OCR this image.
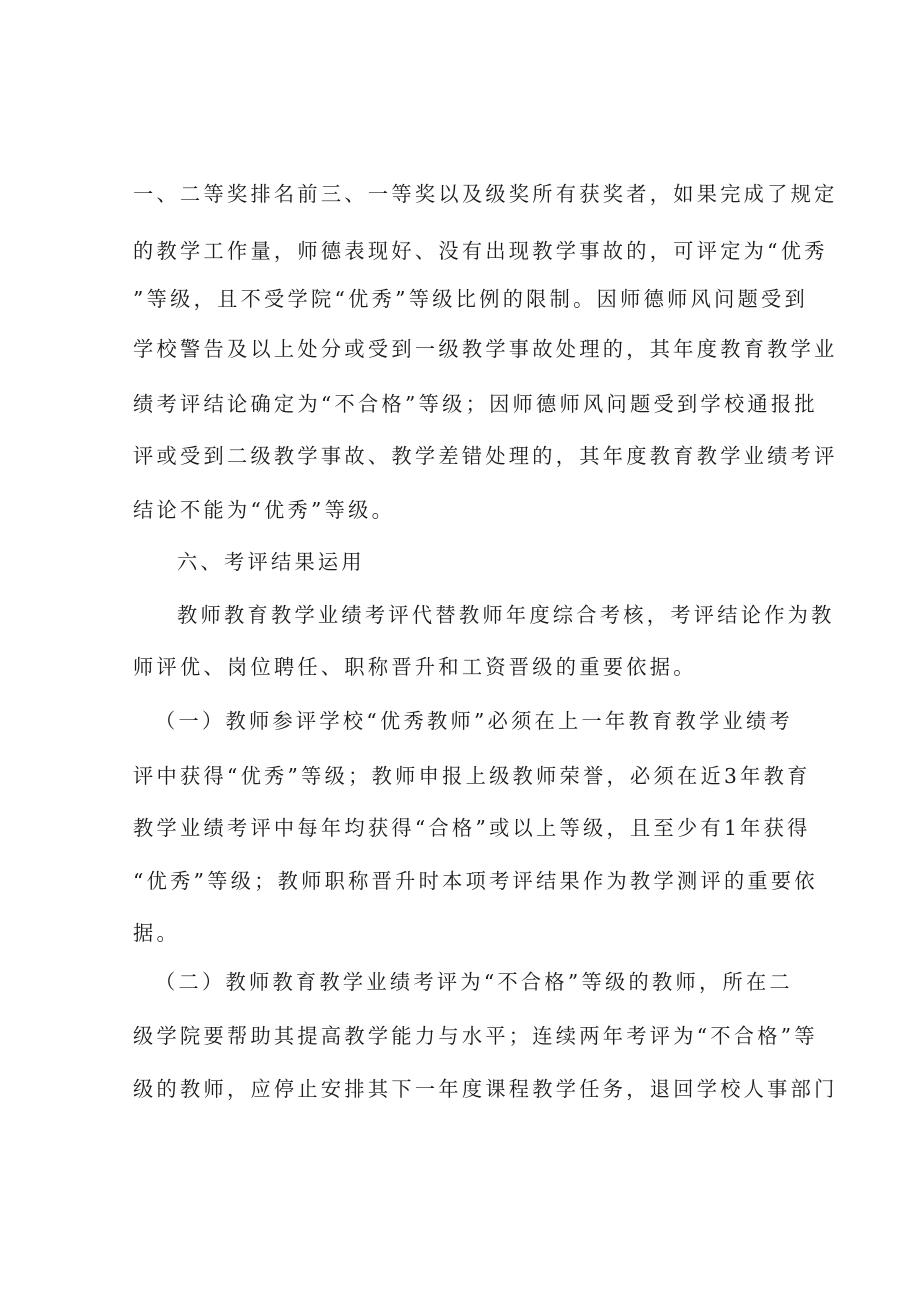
一、二等奖排名前三、一等奖以及级奖所有获奖者，如果完成了规定
的教学工作量，师德表现好、没有出现教学事故的，可评定为“优秀
”等级，且不受学院“优秀”等级比例的限制。因师德师风问题受到
学校警告及以上处分或受到一级教学事故处理的，其年度教育教学业
绩考评结论确定为“不合格”等级；因师德师风问题受到学校通报批
评或受到二级教学事故、教学差错处理的，其年度教育教学业绩考评
结论不能为“优秀”等级。
六、考评结果运用
教师教育教学业绩考评代替教师年度综合考核，考评结论作为教
师评优、岗位聘任、职称晋升和工资晋级的重要依据。
（一）教师参评学校“优秀教师”必须在上一年教育教学业绩考
评中获得“优秀”等级；教师申报上级教师荣誉，必须在近3年教育
教学业绩考评中每年均获得“合格”或以上等级，且至少有1年获得
“优秀”等级；教师职称晋升时本项考评结果作为教学测评的重要依
据。
（二）教师教育教学业绩考评为“不合格”等级的教师，所在二
级学院要帮助其提高教学能力与水平；连续两年考评为“不合格”等
级的教师，应停止安排其下一年度课程教学任务，退回学校人事部门
